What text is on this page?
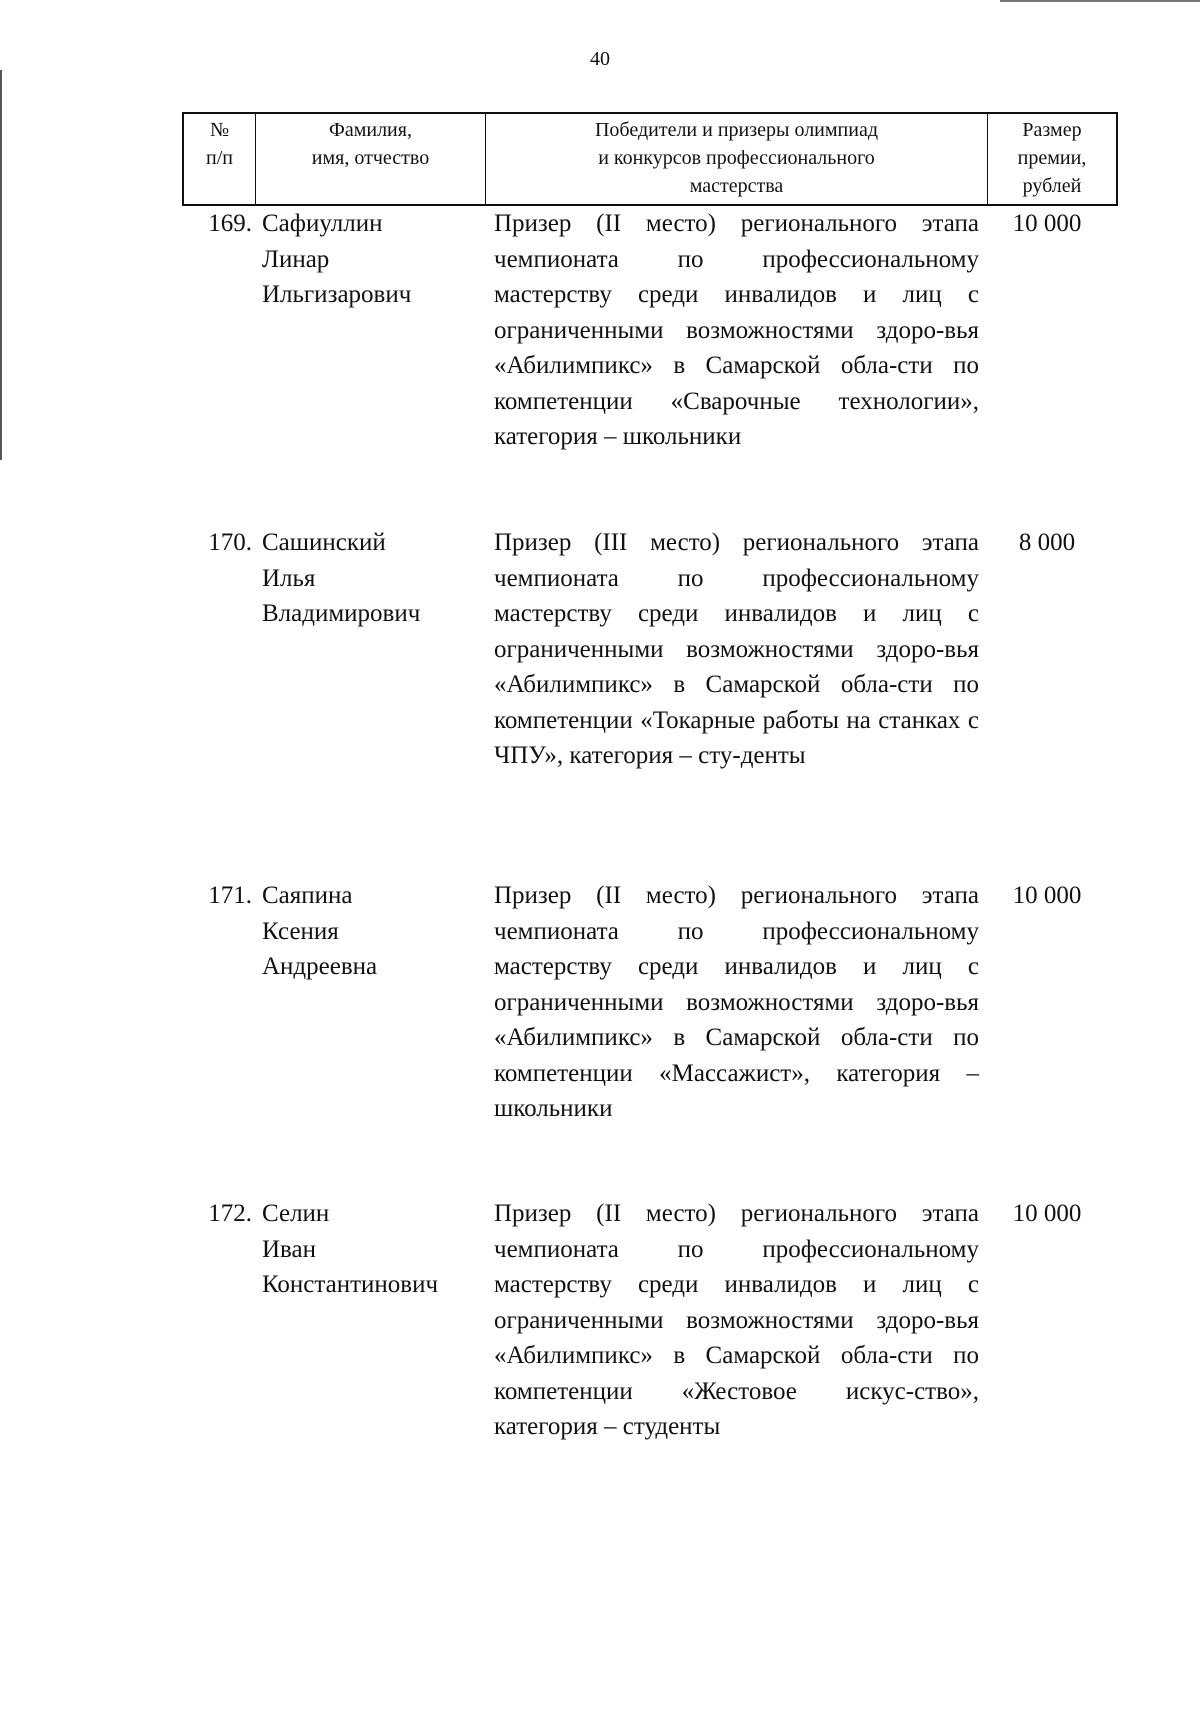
40
№
п/п
Фамилия,
имя, отчество
Победители и призеры олимпиад
и конкурсов профессионального
мастерства
Размер
премии,
рублей
169. Сафиуллин
Линар
Ильгизарович
Призер (II место) регионального этапа чемпионата по профессиональному мастерству среди инвалидов и лиц с ограниченными возможностями здоро-вья «Абилимпикс» в Самарской обла-сти по компетенции «Сварочные технологии», категория – школьники
10 000
170. Сашинский
Илья
Владимирович
Призер (III место) регионального этапа чемпионата по профессиональному мастерству среди инвалидов и лиц с ограниченными возможностями здоро-вья «Абилимпикс» в Самарской обла-сти по компетенции «Токарные работы на станках с ЧПУ», категория – сту-денты
8 000
171. Саяпина
Ксения
Андреевна
Призер (II место) регионального этапа чемпионата по профессиональному мастерству среди инвалидов и лиц с ограниченными возможностями здоро-вья «Абилимпикс» в Самарской обла-сти по компетенции «Массажист», категория – школьники
10 000
172. Селин
Иван
Константинович
Призер (II место) регионального этапа чемпионата по профессиональному мастерству среди инвалидов и лиц с ограниченными возможностями здоро-вья «Абилимпикс» в Самарской обла-сти по компетенции «Жестовое искус-ство», категория – студенты
10 000
